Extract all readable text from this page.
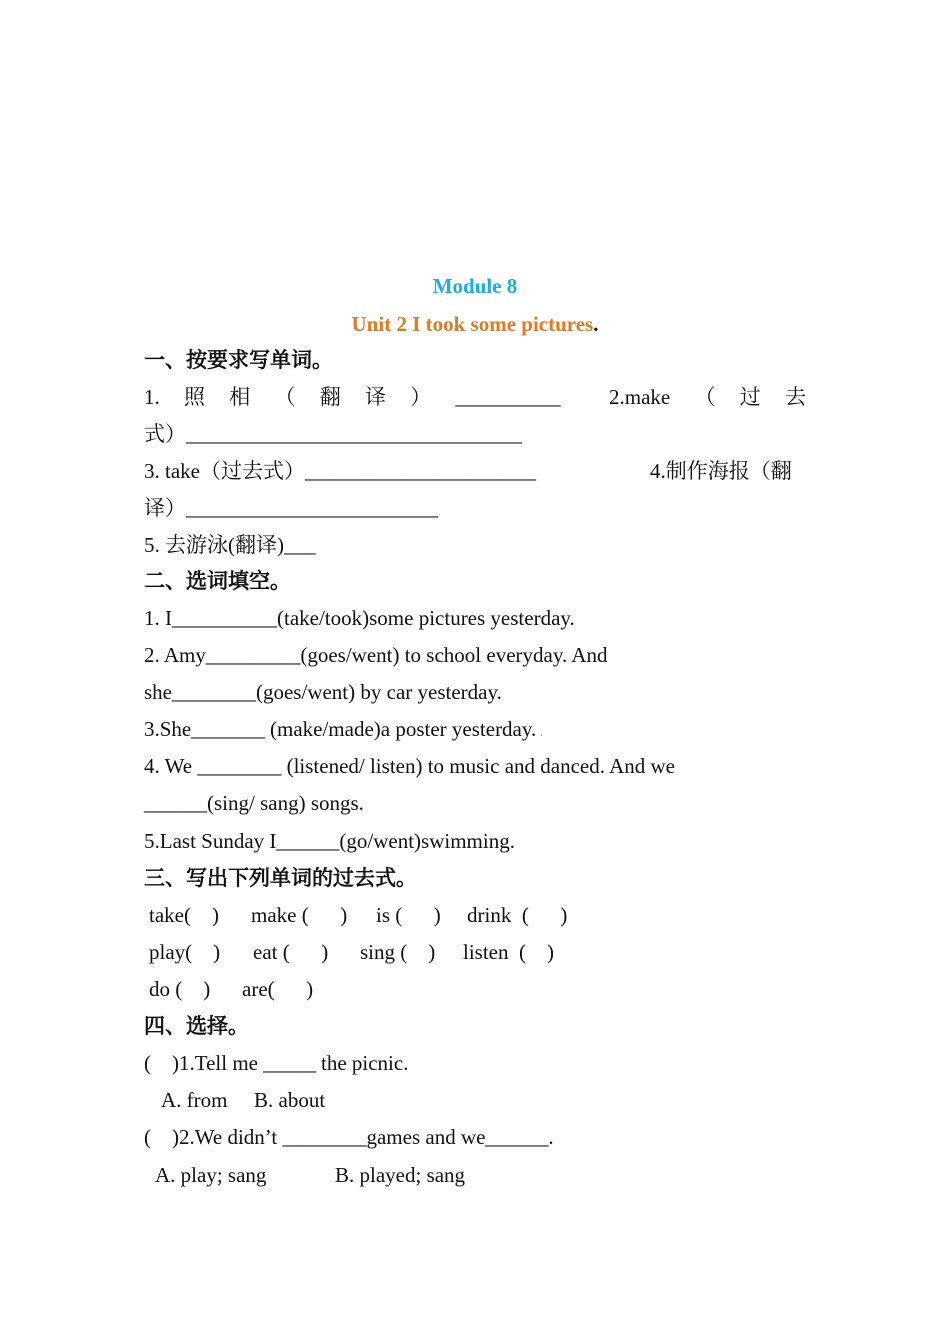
Module 8
Unit 2 I took some pictures.
一、按要求写单词。
1. 照 相 （ 翻 译 ） __________ 2.make （ 过 去
式）________________________________
3. take（过去式）______________________	4.制作海报（翻
译）________________________
5. 去游泳(翻译)___
二、选词填空。
1. I__________(take/took)some pictures yesterday.
2. Amy_________(goes/went) to school everyday. And
she________(goes/went) by car yesterday.
3.She_______ (make/made)a poster yesterday. .
4. We ________ (listened/ listen) to music and danced. And we
______(sing/ sang) songs.
5.Last Sunday I______(go/went)swimming.
三、写出下列单词的过去式。
take(    ) make (      ) is (      ) drink  (      )
play(    ) eat (      ) sing (    ) listen  (    )
do (    ) are(      )
四、选择。
(    )1.Tell me _____ the picnic.
A. from B. about
(    )2.We didn’t ________games and we______.
A. play; sang	B. played; sang
